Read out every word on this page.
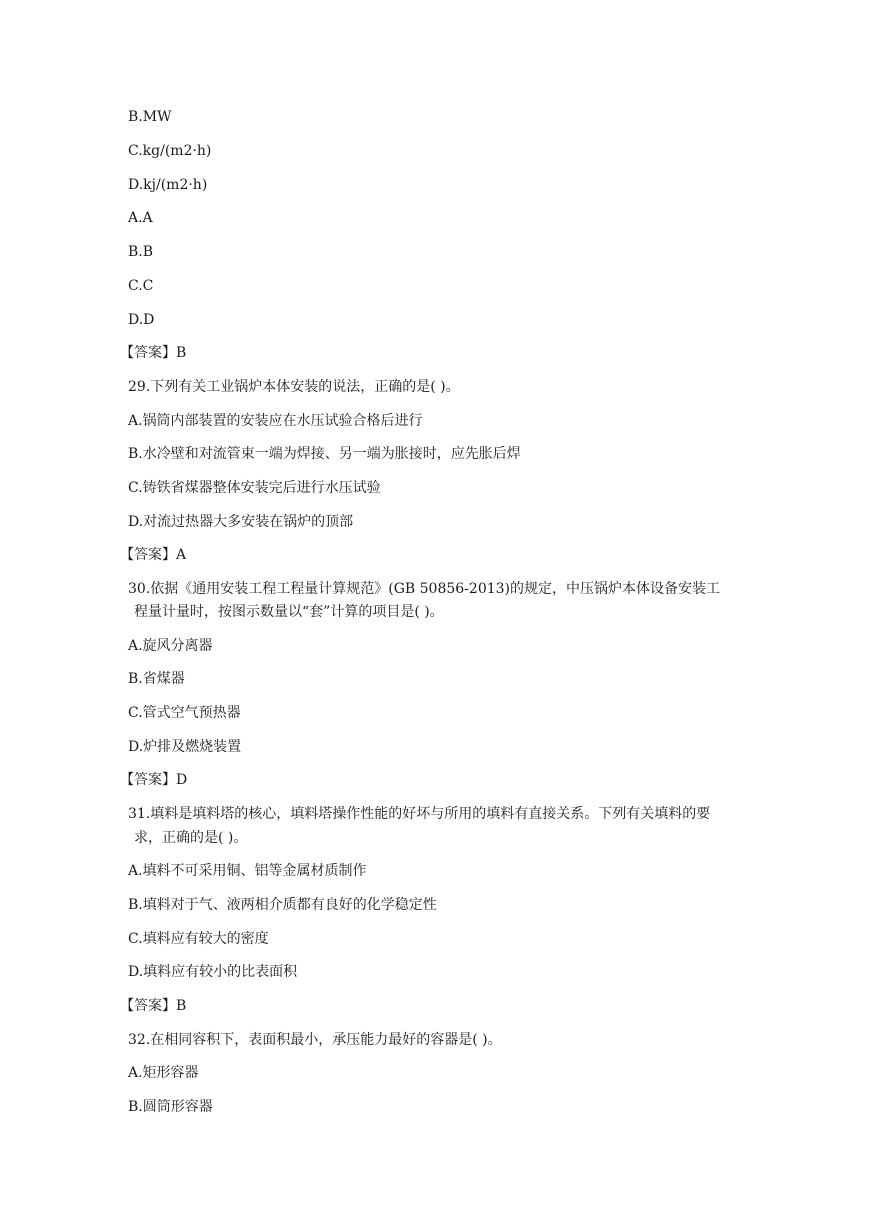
B.MW
C.kg/(m2·h)
D.kj/(m2·h)
A.A
B.B
C.C
D.D
【答案】B
29.下列有关工业锅炉本体安装的说法，正确的是( )。
A.锅筒内部装置的安装应在水压试验合格后进行
B.水冷壁和对流管束一端为焊接、另一端为胀接时，应先胀后焊
C.铸铁省煤器整体安装完后进行水压试验
D.对流过热器大多安装在锅炉的顶部
【答案】A
30.依据《通用安装工程工程量计算规范》(GB 50856-2013)的规定，中压锅炉本体设备安装工
程量计量时，按图示数量以“套”计算的项目是( )。
A.旋风分离器
B.省煤器
C.管式空气预热器
D.炉排及燃烧装置
【答案】D
31.填料是填料塔的核心，填料塔操作性能的好坏与所用的填料有直接关系。下列有关填料的要
求，正确的是( )。
A.填料不可采用铜、铝等金属材质制作
B.填料对于气、液两相介质都有良好的化学稳定性
C.填料应有较大的密度
D.填料应有较小的比表面积
【答案】B
32.在相同容积下，表面积最小，承压能力最好的容器是( )。
A.矩形容器
B.圆筒形容器
